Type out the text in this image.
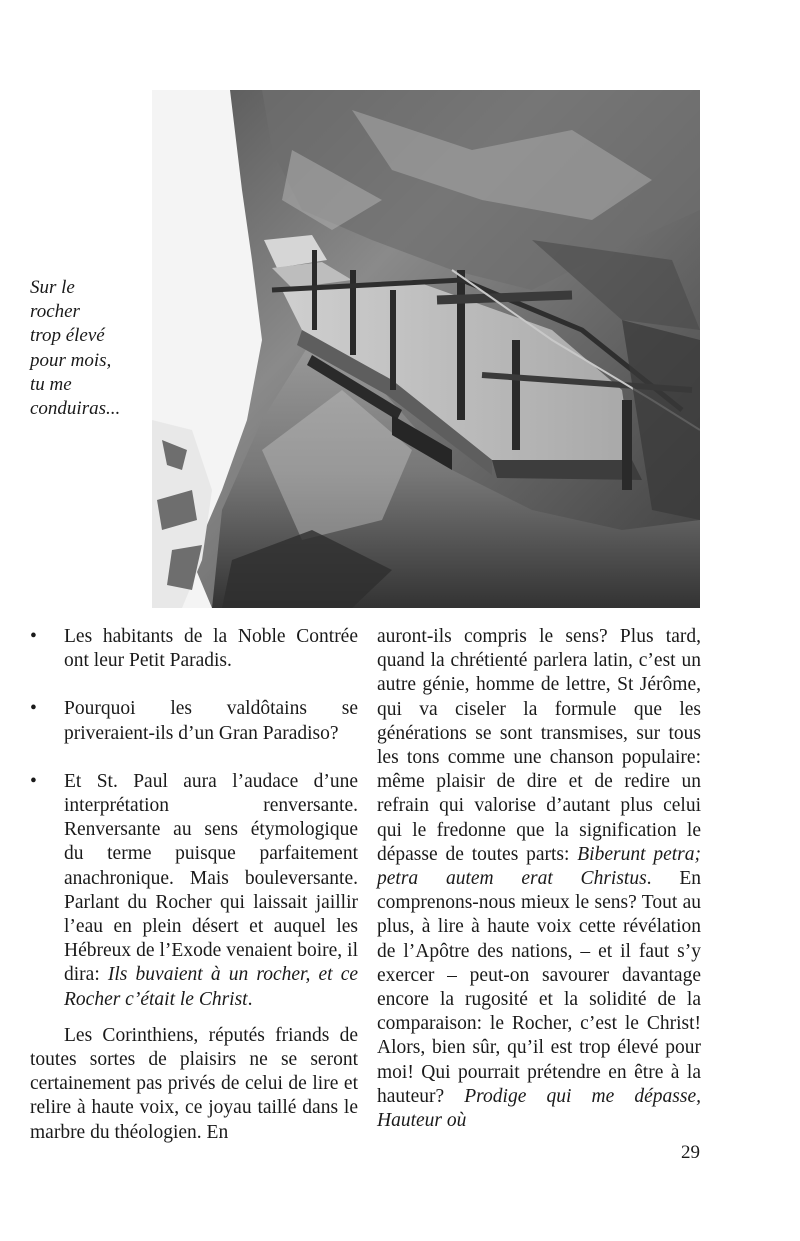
Sur le
rocher
trop élevé
pour mois,
tu me
conduiras...
• Les habitants de la Noble Contrée ont leur Petit Paradis.

• Pourquoi les valdôtains se priveraient-ils d’un Gran Paradiso?

• Et St. Paul aura l’audace d’une interprétation renversante. Renversante au sens étymologique du terme puisque parfaitement anachronique. Mais bouleversante. Parlant du Rocher qui laissait jaillir l’eau en plein désert et auquel les Hébreux de l’Exode venaient boire, il dira: Ils buvaient à un rocher, et ce Rocher c’était le Christ.

Les Corinthiens, réputés friands de toutes sortes de plaisirs ne se seront certainement pas privés de celui de lire et relire à haute voix, ce joyau taillé dans le marbre du théologien. En

auront-ils compris le sens? Plus tard, quand la chrétienté parlera latin, c’est un autre génie, homme de lettre, St Jérôme, qui va ciseler la formule que les générations se sont transmises, sur tous les tons comme une chanson populaire: même plaisir de dire et de redire un refrain qui valorise d’autant plus celui qui le fredonne que la signification le dépasse de toutes parts: Biberunt petra; petra autem erat Christus. En comprenons-nous mieux le sens? Tout au plus, à lire à haute voix cette révélation de l’Apôtre des nations, – et il faut s’y exercer – peut-on savourer davantage encore la rugosité et la solidité de la comparaison: le Rocher, c’est le Christ! Alors, bien sûr, qu’il est trop élevé pour moi! Qui pourrait prétendre en être à la hauteur? Prodige qui me dépasse, Hauteur où

29
